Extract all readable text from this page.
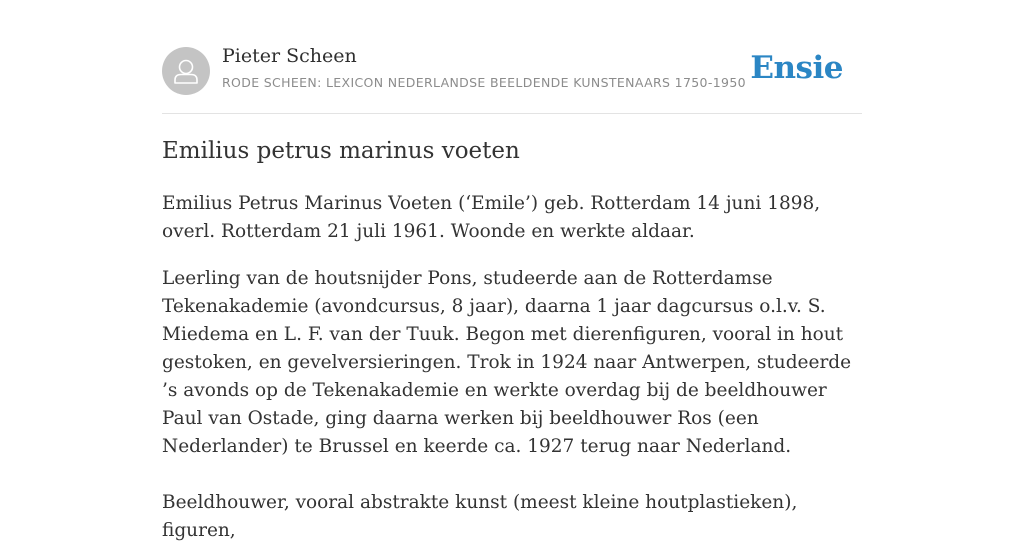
Pieter Scheen
RODE SCHEEN: LEXICON NEDERLANDSE BEELDENDE KUNSTENAARS 1750-1950 Ensie
Emilius petrus marinus voeten

Emilius Petrus Marinus Voeten (‘Emile’) geb. Rotterdam 14 juni 1898, overl. Rotterdam 21 juli 1961. Woonde en werkte aldaar.

Leerling van de houtsnijder Pons, studeerde aan de Rotterdamse Tekenakademie (avondcursus, 8 jaar), daarna 1 jaar dagcursus o.l.v. S. Miedema en L. F. van der Tuuk. Begon met dierenfiguren, vooral in hout gestoken, en gevelversieringen. Trok in 1924 naar Antwerpen, studeerde ’s avonds op de Tekenakademie en werkte overdag bij de beeldhouwer Paul van Ostade, ging daarna werken bij beeldhouwer Ros (een Nederlander) te Brussel en keerde ca. 1927 terug naar Nederland.

Beeldhouwer, vooral abstrakte kunst (meest kleine houtplastieken), figuren,
